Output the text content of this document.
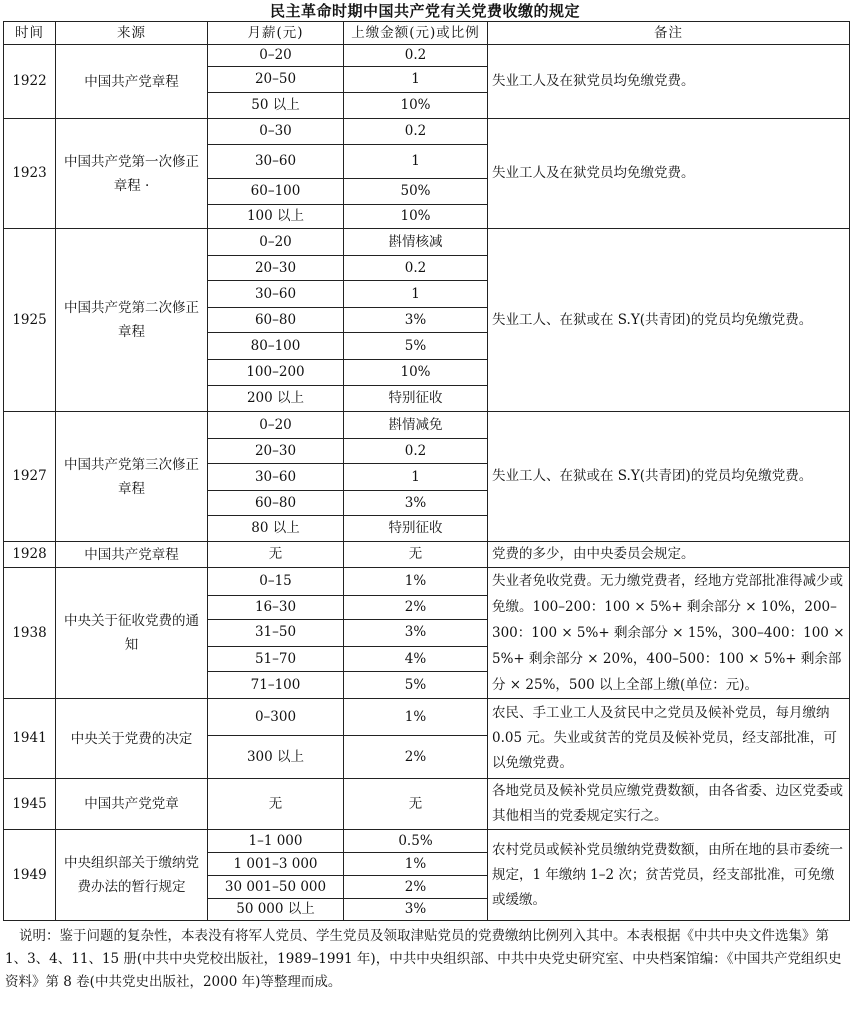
民主革命时期中国共产党有关党费收缴的规定
时间	来源	月薪(元)	上缴金额(元)或比例	备注
1922	中国共产党章程	0–20	0.2	失业工人及在狱党员均免缴党费。
		20–50	1	
		50 以上	10%	
1923	中国共产党第一次修正章程 ·	0–30	0.2	失业工人及在狱党员均免缴党费。
		30–60	1	
		60–100	50%	
		100 以上	10%	
1925	中国共产党第二次修正章程	0–20	斟情核减	失业工人、在狱或在 S.Y(共青团)的党员均免缴党费。
		20–30	0.2	
		30–60	1	
		60–80	3%	
		80–100	5%	
		100–200	10%	
		200 以上	特别征收	
1927	中国共产党第三次修正章程	0–20	斟情减免	失业工人、在狱或在 S.Y(共青团)的党员均免缴党费。
		20–30	0.2	
		30–60	1	
		60–80	3%	
		80 以上	特别征收	
1928	中国共产党章程	无	无	党费的多少，由中央委员会规定。
1938	中央关于征收党费的通知	0–15	1%	失业者免收党费。无力缴党费者，经地方党部批准得减少或免缴。100–200：100 × 5%+ 剩余部分 × 10%，200–300：100 × 5%+ 剩余部分 × 15%，300–400：100 × 5%+ 剩余部分 × 20%，400–500：100 × 5%+ 剩余部分 × 25%，500 以上全部上缴(单位：元)。
		16–30	2%	
		31–50	3%	
		51–70	4%	
		71–100	5%	
1941	中央关于党费的决定	0–300	1%	农民、手工业工人及贫民中之党员及候补党员，每月缴纳 0.05 元。失业或贫苦的党员及候补党员，经支部批准，可以免缴党费。
		300 以上	2%	
1945	中国共产党党章	无	无	各地党员及候补党员应缴党费数额，由各省委、边区党委或其他相当的党委规定实行之。
1949	中央组织部关于缴纳党费办法的暂行规定	1–1 000	0.5%	农村党员或候补党员缴纳党费数额，由所在地的县市委统一规定，1 年缴纳 1–2 次；贫苦党员，经支部批准，可免缴或缓缴。
		1 001–3 000	1%	
		30 001–50 000	2%	
		50 000 以上	3%	
说明：鉴于问题的复杂性，本表没有将军人党员、学生党员及领取津贴党员的党费缴纳比例列入其中。本表根据《中共中央文件选集》第 1、3、4、11、15 册(中共中央党校出版社，1989–1991 年)，中共中央组织部、中共中央党史研究室、中央档案馆编：《中国共产党组织史资料》第 8 卷(中共党史出版社，2000 年)等整理而成。
